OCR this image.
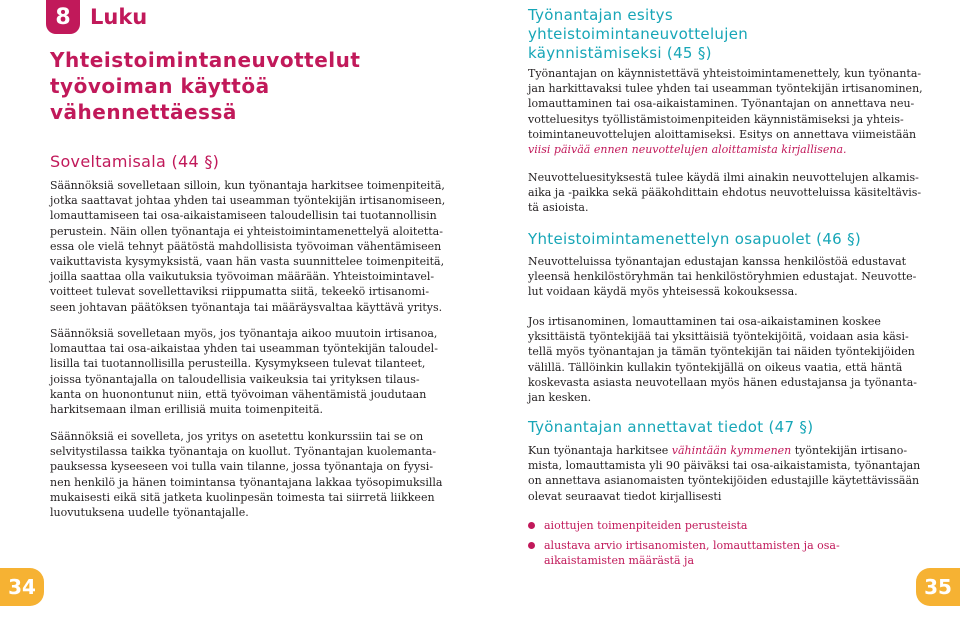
8 Luku
Yhteistoimintaneuvottelut
työvoiman käyttöä
vähennettäessä
Soveltamisala (44 §)

Säännöksiä sovelletaan silloin, kun työnantaja harkitsee toimenpiteitä,

jotka saattavat johtaa yhden tai useamman työntekijän irtisanomiseen,

lomauttamiseen tai osa-aikaistamiseen taloudellisin tai tuotannollisin

perustein. Näin ollen työnantaja ei yhteistoimintamenettelyä aloitetta-

essa ole vielä tehnyt päätöstä mahdollisista työvoiman vähentämiseen

vaikuttavista kysymyksistä, vaan hän vasta suunnittelee toimenpiteitä,

joilla saattaa olla vaikutuksia työvoiman määrään. Yhteistoimintavel-

voitteet tulevat sovellettaviksi riippumatta siitä, tekeekö irtisanomi-

seen johtavan päätöksen työnantaja tai määräysvaltaa käyttävä yritys.

Säännöksiä sovelletaan myös, jos työnantaja aikoo muutoin irtisanoa,

lomauttaa tai osa-aikaistaa yhden tai useamman työntekijän taloudel-

lisilla tai tuotannollisilla perusteilla. Kysymykseen tulevat tilanteet,

joissa työnantajalla on taloudellisia vaikeuksia tai yrityksen tilaus-

kanta on huonontunut niin, että työvoiman vähentämistä joudutaan

harkitsemaan ilman erillisiä muita toimenpiteitä.

Säännöksiä ei sovelleta, jos yritys on asetettu konkurssiin tai se on

selvitystilassa taikka työnantaja on kuollut. Työnantajan kuolemanta-

pauksessa kyseeseen voi tulla vain tilanne, jossa työnantaja on fyysi-

nen henkilö ja hänen toimintansa työnantajana lakkaa työsopimuksilla

mukaisesti eikä sitä jatketa kuolinpesän toimesta tai siirretä liikkeen

luovutuksena uudelle työnantajalle.

34
Työnantajan esitys
yhteistoimintaneuvottelujen
käynnistämiseksi (45 §)

Työnantajan on käynnistettävä yhteistoimintamenettely, kun työnanta-

jan harkittavaksi tulee yhden tai useamman työntekijän irtisanominen,

lomauttaminen tai osa-aikaistaminen. Työnantajan on annettava neu-

votteluesitys työllistämistoimenpiteiden käynnistämiseksi ja yhteis-

toimintaneuvottelujen aloittamiseksi. Esitys on annettava viimeistään

viisi päivää ennen neuvottelujen aloittamista kirjallisena.

Neuvotteluesityksestä tulee käydä ilmi ainakin neuvottelujen alkamis-

aika ja -paikka sekä pääkohdittain ehdotus neuvotteluissa käsiteltävis-

tä asioista.

Yhteistoimintamenettelyn osapuolet (46 §)

Neuvotteluissa työnantajan edustajan kanssa henkilöstöä edustavat

yleensä henkilöstöryhmän tai henkilöstöryhmien edustajat. Neuvotte-

lut voidaan käydä myös yhteisessä kokouksessa.

Jos irtisanominen, lomauttaminen tai osa-aikaistaminen koskee

yksittäistä työntekijää tai yksittäisiä työntekijöitä, voidaan asia käsi-

tellä myös työnantajan ja tämän työntekijän tai näiden työntekijöiden

välillä. Tällöinkin kullakin työntekijällä on oikeus vaatia, että häntä

koskevasta asiasta neuvotellaan myös hänen edustajansa ja työnanta-

jan kesken.

Työnantajan annettavat tiedot (47 §)

Kun työnantaja harkitsee vähintään kymmenen työntekijän irtisano-

mista, lomauttamista yli 90 päiväksi tai osa-aikaistamista, työnantajan

on annettava asianomaisten työntekijöiden edustajille käytettävissään

olevat seuraavat tiedot kirjallisesti

aiottujen toimenpiteiden perusteista
alustava arvio irtisanomisten, lomauttamisten ja osa-aikaistamisten määrästä ja
35
